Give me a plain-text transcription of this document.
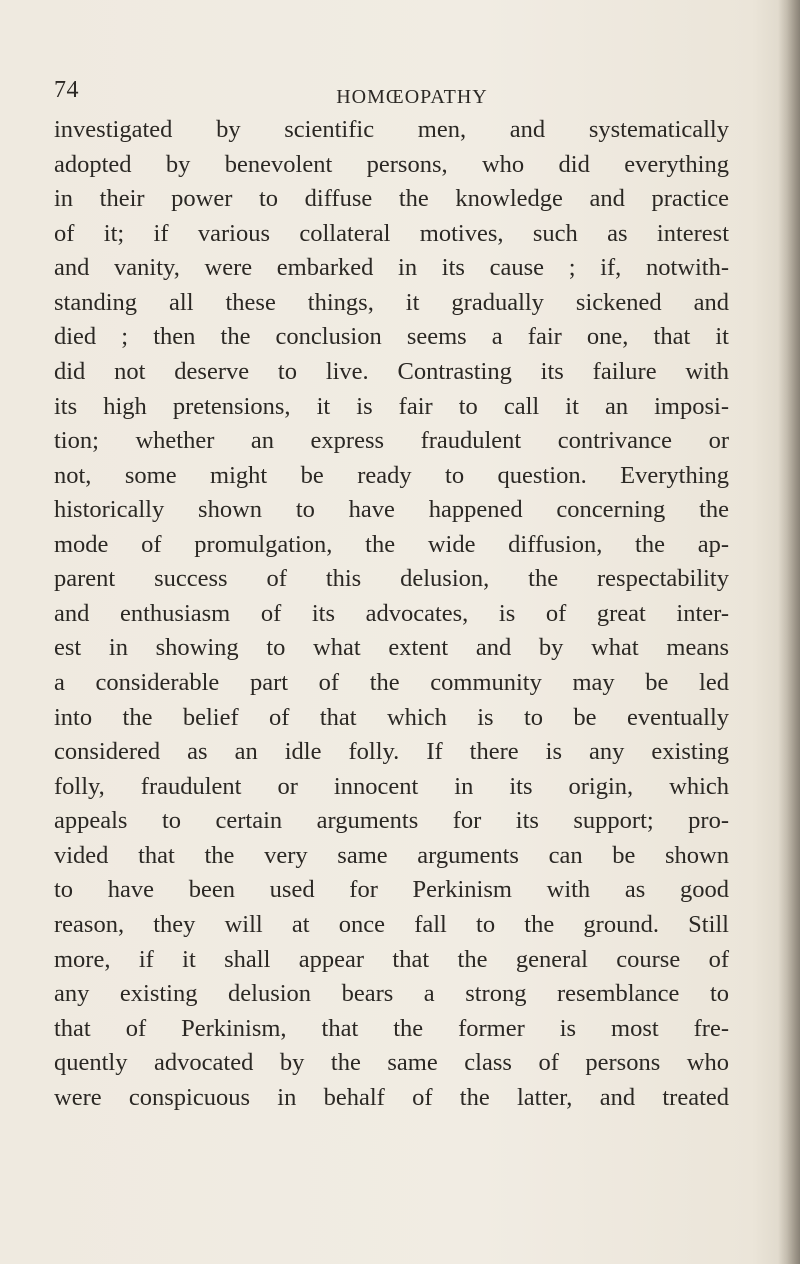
74	HOMŒOPATHY
investigated by scientific men, and systematically
adopted by benevolent persons, who did everything
in their power to diffuse the knowledge and practice
of it; if various collateral motives, such as interest
and vanity, were embarked in its cause ; if, notwith-
standing all these things, it gradually sickened and
died ; then the conclusion seems a fair one, that it
did not deserve to live. Contrasting its failure with
its high pretensions, it is fair to call it an imposi-
tion; whether an express fraudulent contrivance or
not, some might be ready to question. Everything
historically shown to have happened concerning the
mode of promulgation, the wide diffusion, the ap-
parent success of this delusion, the respectability
and enthusiasm of its advocates, is of great inter-
est in showing to what extent and by what means
a considerable part of the community may be led
into the belief of that which is to be eventually
considered as an idle folly. If there is any existing
folly, fraudulent or innocent in its origin, which
appeals to certain arguments for its support; pro-
vided that the very same arguments can be shown
to have been used for Perkinism with as good
reason, they will at once fall to the ground. Still
more, if it shall appear that the general course of
any existing delusion bears a strong resemblance to
that of Perkinism, that the former is most fre-
quently advocated by the same class of persons who
were conspicuous in behalf of the latter, and treated
